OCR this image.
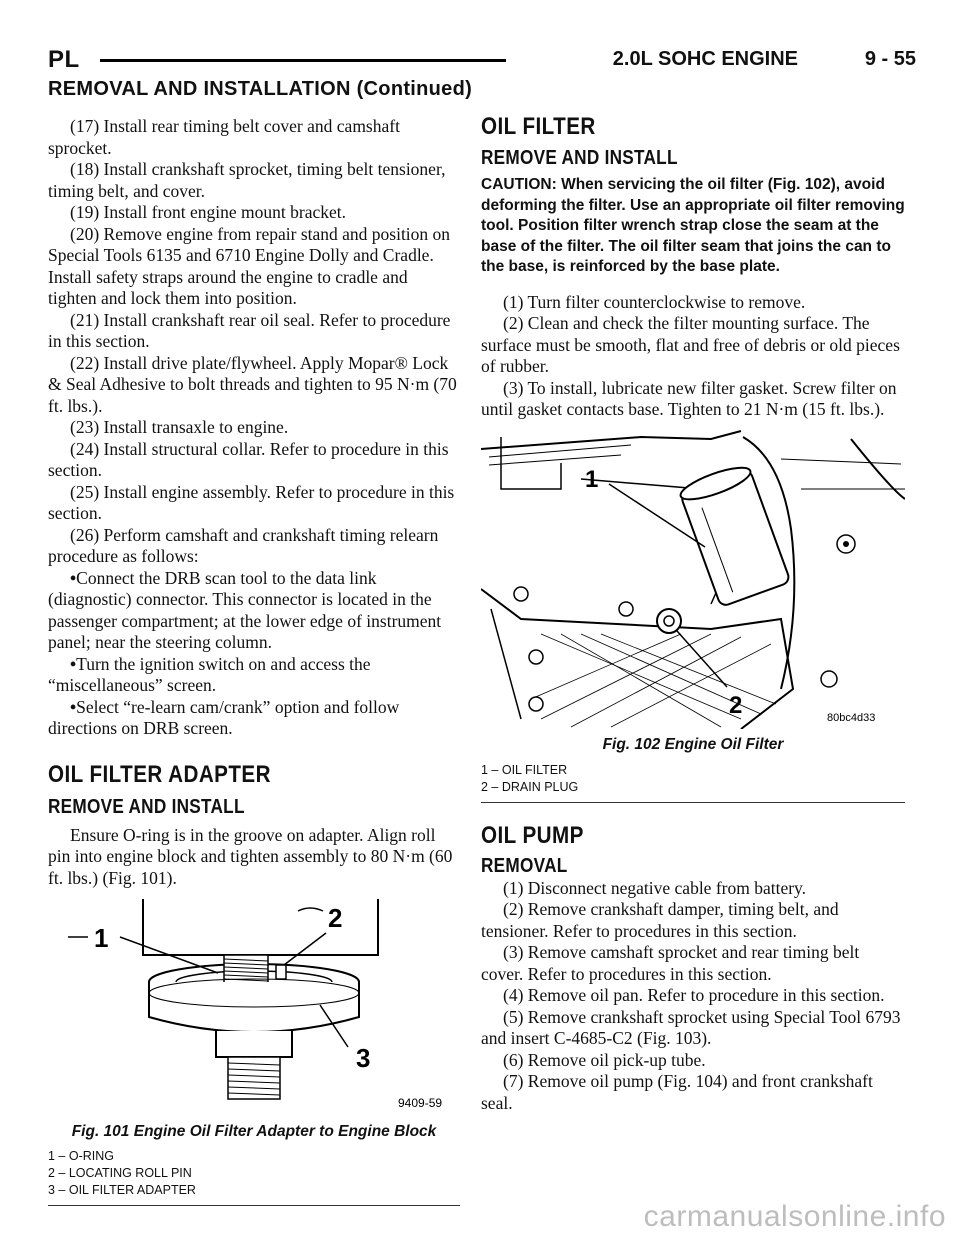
PL	2.0L SOHC ENGINE	9 - 55
REMOVAL AND INSTALLATION (Continued)

(17) Install rear timing belt cover and camshaft sprocket.

(18) Install crankshaft sprocket, timing belt tensioner, timing belt, and cover.

(19) Install front engine mount bracket.

(20) Remove engine from repair stand and position on Special Tools 6135 and 6710 Engine Dolly and Cradle. Install safety straps around the engine to cradle and tighten and lock them into position.

(21) Install crankshaft rear oil seal. Refer to procedure in this section.

(22) Install drive plate/flywheel. Apply Mopar® Lock & Seal Adhesive to bolt threads and tighten to 95 N·m (70 ft. lbs.).

(23) Install transaxle to engine.

(24) Install structural collar. Refer to procedure in this section.

(25) Install engine assembly. Refer to procedure in this section.

(26) Perform camshaft and crankshaft timing relearn procedure as follows:

•Connect the DRB scan tool to the data link (diagnostic) connector. This connector is located in the passenger compartment; at the lower edge of instrument panel; near the steering column.

•Turn the ignition switch on and access the “miscellaneous” screen.

•Select “re-learn cam/crank” option and follow directions on DRB screen.

OIL FILTER ADAPTER
REMOVE AND INSTALL

Ensure O-ring is in the groove on adapter. Align roll pin into engine block and tighten assembly to 80 N·m (60 ft. lbs.) (Fig. 101).

1
2
3
9409-59

Fig. 101 Engine Oil Filter Adapter to Engine Block

1 – O-RING

2 – LOCATING ROLL PIN

3 – OIL FILTER ADAPTER

OIL FILTER
REMOVE AND INSTALL

CAUTION: When servicing the oil filter (Fig. 102), avoid deforming the filter. Use an appropriate oil filter removing tool. Position filter wrench strap close the seam at the base of the filter. The oil filter seam that joins the can to the base, is reinforced by the base plate.

(1) Turn filter counterclockwise to remove.

(2) Clean and check the filter mounting surface. The surface must be smooth, flat and free of debris or old pieces of rubber.

(3) To install, lubricate new filter gasket. Screw filter on until gasket contacts base. Tighten to 21 N·m (15 ft. lbs.).

1
2	80bc4d33

Fig. 102 Engine Oil Filter

1 – OIL FILTER

2 – DRAIN PLUG

OIL PUMP
REMOVAL

(1) Disconnect negative cable from battery.

(2) Remove crankshaft damper, timing belt, and tensioner. Refer to procedures in this section.

(3) Remove camshaft sprocket and rear timing belt cover. Refer to procedures in this section.

(4) Remove oil pan. Refer to procedure in this section.

(5) Remove crankshaft sprocket using Special Tool 6793 and insert C-4685-C2 (Fig. 103).

(6) Remove oil pick-up tube.

(7) Remove oil pump (Fig. 104) and front crankshaft seal.

carmanualsonline.info
